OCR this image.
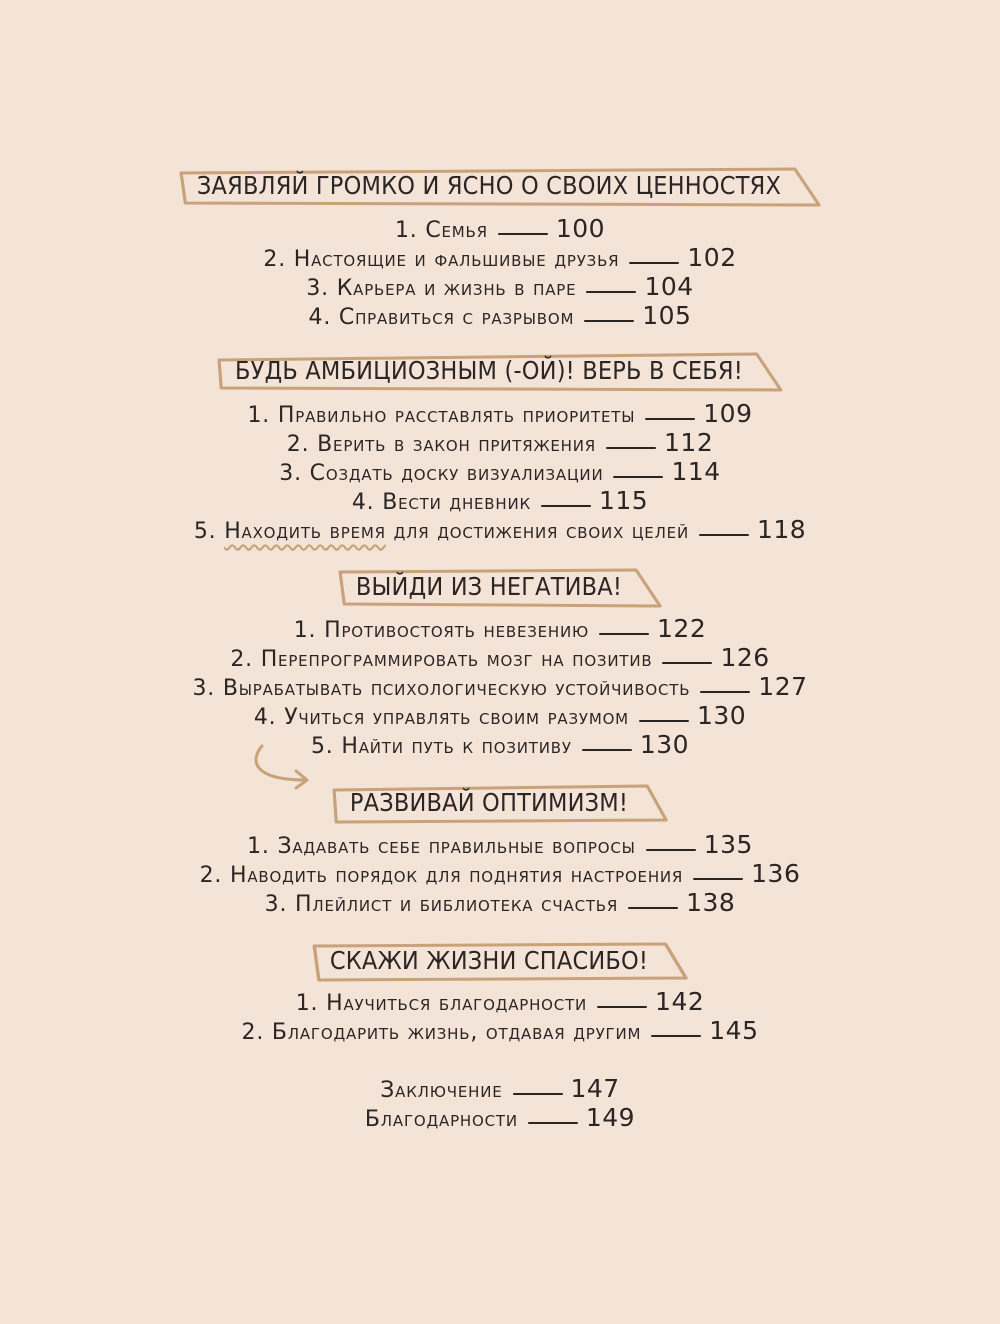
ЗАЯВЛЯЙ ГРОМКО И ЯСНО О СВОИХ ЦЕННОСТЯХ
1. Семья	100
2. Настоящие и фальшивые друзья	102
3. Карьера и жизнь в паре	104
4. Справиться с разрывом	105
БУДЬ АМБИЦИОЗНЫМ (-ОЙ)! ВЕРЬ В СЕБЯ!
1. Правильно расставлять приоритеты	109
2. Верить в закон притяжения	112
3. Создать доску визуализации	114
4. Вести дневник	115
5. Находить время для достижения своих целей	118
ВЫЙДИ ИЗ НЕГАТИВА!
1. Противостоять невезению	122
2. Перепрограммировать мозг на позитив	126
3. Вырабатывать психологическую устойчивость	127
4. Учиться управлять своим разумом	130
5. Найти путь к позитиву	130
РАЗВИВАЙ ОПТИМИЗМ!
1. Задавать себе правильные вопросы	135
2. Наводить порядок для поднятия настроения	136
3. Плейлист и библиотека счастья	138
СКАЖИ ЖИЗНИ СПАСИБО!
1. Научиться благодарности	142
2. Благодарить жизнь, отдавая другим	145
Заключение	147
Благодарности	149
